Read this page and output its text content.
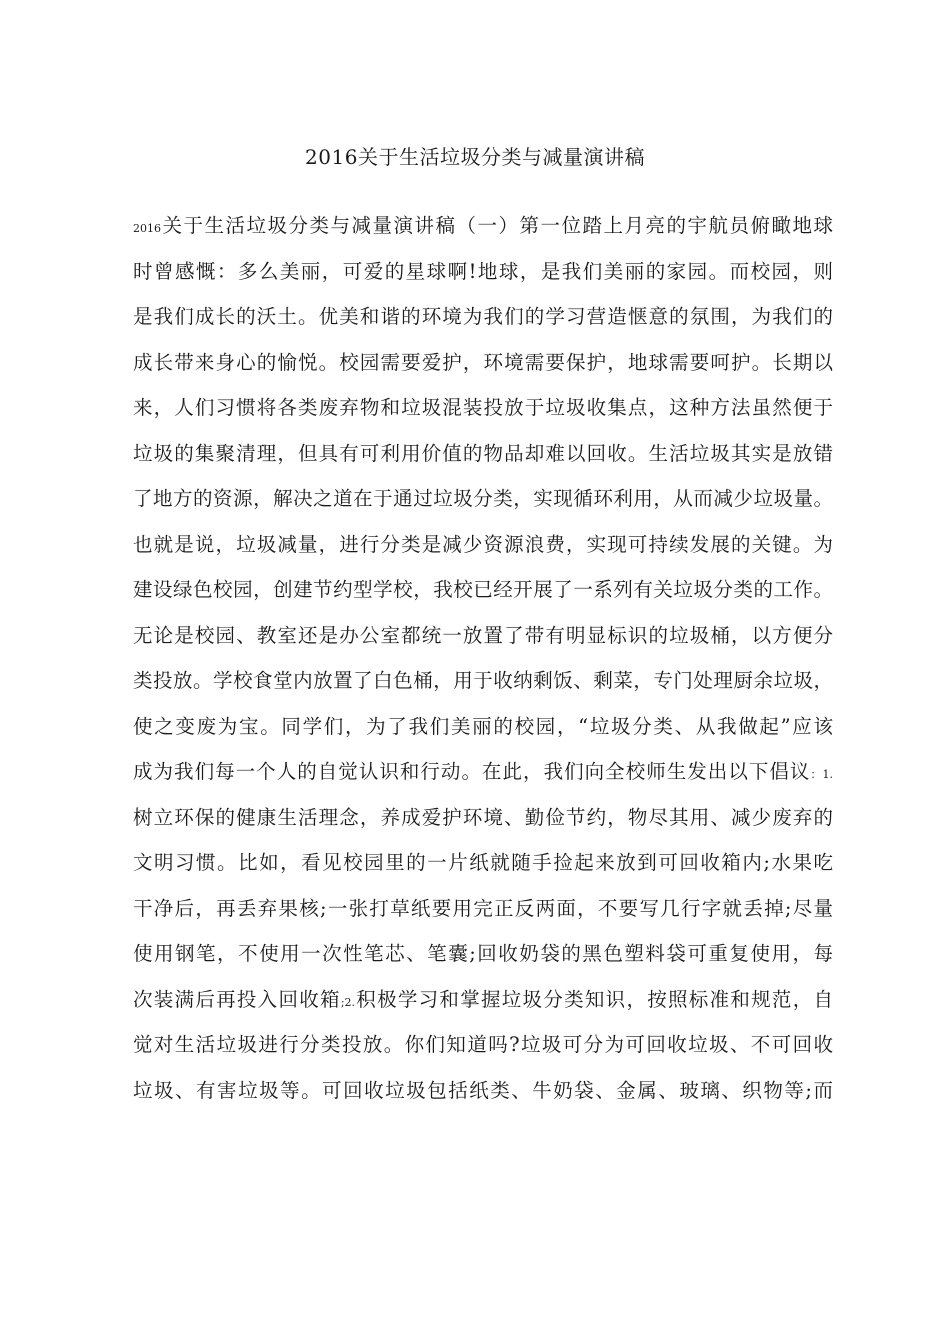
2016关于生活垃圾分类与减量演讲稿
2016关于生活垃圾分类与减量演讲稿（一）第一位踏上月亮的宇航员俯瞰地球
时曾感慨：多么美丽，可爱的星球啊!地球，是我们美丽的家园。而校园，则
是我们成长的沃土。优美和谐的环境为我们的学习营造惬意的氛围，为我们的
成长带来身心的愉悦。校园需要爱护，环境需要保护，地球需要呵护。长期以
来，人们习惯将各类废弃物和垃圾混装投放于垃圾收集点，这种方法虽然便于
垃圾的集聚清理，但具有可利用价值的物品却难以回收。生活垃圾其实是放错
了地方的资源，解决之道在于通过垃圾分类，实现循环利用，从而减少垃圾量。
也就是说，垃圾减量，进行分类是减少资源浪费，实现可持续发展的关键。为
建设绿色校园，创建节约型学校，我校已经开展了一系列有关垃圾分类的工作。
无论是校园、教室还是办公室都统一放置了带有明显标识的垃圾桶，以方便分
类投放。学校食堂内放置了白色桶，用于收纳剩饭、剩菜，专门处理厨余垃圾，
使之变废为宝。同学们，为了我们美丽的校园，“垃圾分类、从我做起”应该
成为我们每一个人的自觉认识和行动。在此，我们向全校师生发出以下倡议：1.
树立环保的健康生活理念，养成爱护环境、勤俭节约，物尽其用、减少废弃的
文明习惯。比如，看见校园里的一片纸就随手捡起来放到可回收箱内;水果吃
干净后，再丢弃果核;一张打草纸要用完正反两面，不要写几行字就丢掉;尽量
使用钢笔，不使用一次性笔芯、笔囊;回收奶袋的黑色塑料袋可重复使用，每
次装满后再投入回收箱;2.积极学习和掌握垃圾分类知识，按照标准和规范，自
觉对生活垃圾进行分类投放。你们知道吗?垃圾可分为可回收垃圾、不可回收
垃圾、有害垃圾等。可回收垃圾包括纸类、牛奶袋、金属、玻璃、织物等;而
